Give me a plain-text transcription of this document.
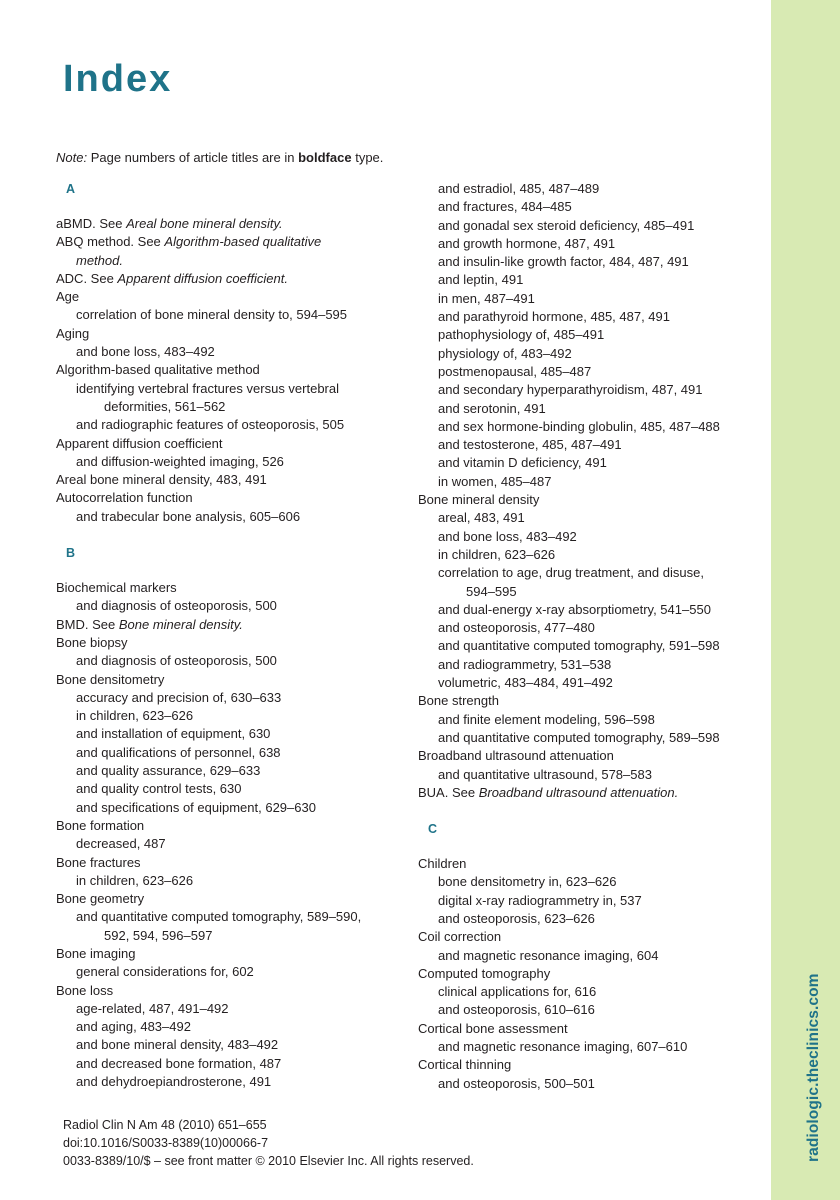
radiologic.theclinics.com
Index
Note: Page numbers of article titles are in boldface type.
A
aBMD. See Areal bone mineral density.
ABQ method. See Algorithm-based qualitative
method.
ADC. See Apparent diffusion coefficient.
Age
correlation of bone mineral density to, 594–595
Aging
and bone loss, 483–492
Algorithm-based qualitative method
identifying vertebral fractures versus vertebral
deformities, 561–562
and radiographic features of osteoporosis, 505
Apparent diffusion coefficient
and diffusion-weighted imaging, 526
Areal bone mineral density, 483, 491
Autocorrelation function
and trabecular bone analysis, 605–606
B
Biochemical markers
and diagnosis of osteoporosis, 500
BMD. See Bone mineral density.
Bone biopsy
and diagnosis of osteoporosis, 500
Bone densitometry
accuracy and precision of, 630–633
in children, 623–626
and installation of equipment, 630
and qualifications of personnel, 638
and quality assurance, 629–633
and quality control tests, 630
and specifications of equipment, 629–630
Bone formation
decreased, 487
Bone fractures
in children, 623–626
Bone geometry
and quantitative computed tomography, 589–590,
592, 594, 596–597
Bone imaging
general considerations for, 602
Bone loss
age-related, 487, 491–492
and aging, 483–492
and bone mineral density, 483–492
and decreased bone formation, 487
and dehydroepiandrosterone, 491
and estradiol, 485, 487–489
and fractures, 484–485
and gonadal sex steroid deficiency, 485–491
and growth hormone, 487, 491
and insulin-like growth factor, 484, 487, 491
and leptin, 491
in men, 487–491
and parathyroid hormone, 485, 487, 491
pathophysiology of, 485–491
physiology of, 483–492
postmenopausal, 485–487
and secondary hyperparathyroidism, 487, 491
and serotonin, 491
and sex hormone-binding globulin, 485, 487–488
and testosterone, 485, 487–491
and vitamin D deficiency, 491
in women, 485–487
Bone mineral density
areal, 483, 491
and bone loss, 483–492
in children, 623–626
correlation to age, drug treatment, and disuse,
594–595
and dual-energy x-ray absorptiometry, 541–550
and osteoporosis, 477–480
and quantitative computed tomography, 591–598
and radiogrammetry, 531–538
volumetric, 483–484, 491–492
Bone strength
and finite element modeling, 596–598
and quantitative computed tomography, 589–598
Broadband ultrasound attenuation
and quantitative ultrasound, 578–583
BUA. See Broadband ultrasound attenuation.
C
Children
bone densitometry in, 623–626
digital x-ray radiogrammetry in, 537
and osteoporosis, 623–626
Coil correction
and magnetic resonance imaging, 604
Computed tomography
clinical applications for, 616
and osteoporosis, 610–616
Cortical bone assessment
and magnetic resonance imaging, 607–610
Cortical thinning
and osteoporosis, 500–501
Radiol Clin N Am 48 (2010) 651–655
doi:10.1016/S0033-8389(10)00066-7
0033-8389/10/$ – see front matter © 2010 Elsevier Inc. All rights reserved.
